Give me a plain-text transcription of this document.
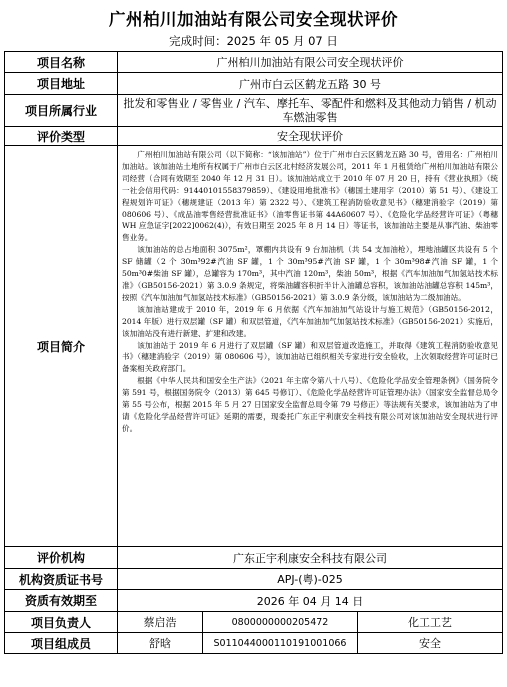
广州柏川加油站有限公司安全现状评价
完成时间：2025 年 05 月 07 日
项目名称	广州柏川加油站有限公司安全现状评价		
项目地址	广州市白云区鹤龙五路 30 号		
项目所属行业	批发和零售业 / 零售业 / 汽车、摩托车、零配件和燃料及其他动力销售 / 机动车燃油零售		
评价类型	安全现状评价		
项目简介	广州柏川加油站有限公司（以下简称：“该加油站”）位于广州市白云区鹤龙五路 30 号，曾用名：广州柏川加油站。该加油站土地所有权属于广州市白云区北村经济发展公司，2011 年 1 月租赁给广州柏川加油站有限公司经营（合同有效期至 2040 年 12 月 31 日）。该加油站成立于 2010 年 07 月 20 日，持有《营业执照》（统一社会信用代码：91440101558379859）、《建设用地批准书》（穗国土建用字（2010）第 51 号）、《建设工程规划许可证》（穗规建证（2013 年）第 2322 号）、《建筑工程消防验收意见书》（穗建消验字（2019）第 080606 号）、《成品油零售经营批准证书》（油零售证书第 44A60607 号）、《危险化学品经营许可证》（粤穗 WH 应急证字[2022]0062(4)），有效日期至 2025 年 8 月 14 日）等证书，该加油站主要是从事汽油、柴油零售业务。

该加油站的总占地面积 3075m²，罩棚内共设有 9 台加油机（共 54 支加油枪），埋地油罐区共设有 5 个 SF 储罐（2 个 30m³92#汽油 SF 罐，1 个 30m³95#汽油 SF 罐，1 个 30m³98#汽油 SF 罐，1 个 50m³0#柴油 SF 罐），总罐容为 170m³，其中汽油 120m³，柴油 50m³，根据《汽车加油加气加氢站技术标准》（GB50156-2021）第 3.0.9 条规定，将柴油罐容积折半计入油罐总容积，该加油站油罐总容积 145m³，按照《汽车加油加气加氢站技术标准》（GB50156-2021）第 3.0.9 条分级，该加油站为二级加油站。

该加油站建成于 2010 年，2019 年 6 月依据《汽车加油加气站设计与施工规范》（GB50156-2012，2014 年版）进行双层罐（SF 罐）和双层管道，《汽车加油加气加氢站技术标准》（GB50156-2021）实施后，该加油站没有进行新建、扩建和改建。

该加油站于 2019 年 6 月进行了双层罐（SF 罐）和双层管道改造施工，并取得《建筑工程消防验收意见书》（穗建消验字（2019）第 080606 号），该加油站已组织相关专家进行安全验收，上次领取经营许可证时已备案相关政府部门。

根据《中华人民共和国安全生产法》（2021 年主席令第八十八号）、《危险化学品安全管理条例》（国务院令第 591 号，根据国务院令（2013）第 645 号修订）、《危险化学品经营许可证管理办法》（国家安全监督总局令第 55 号公布，根据 2015 年 5 月 27 日国家安全监督总局令第 79 号修正）等法规有关要求，该加油站为了申请《危险化学品经营许可证》延期的需要，现委托广东正宇利康安全科技有限公司对该加油站安全现状进行评价。		

评价机构	广东正宇利康安全科技有限公司		
机构资质证书号	APJ-(粤)-025		
资质有效期至	2026 年 04 月 14 日		
项目负责人	蔡启浩	0800000000205472	化工工艺
项目组成员	舒晗	S011044000110191001066	安全
